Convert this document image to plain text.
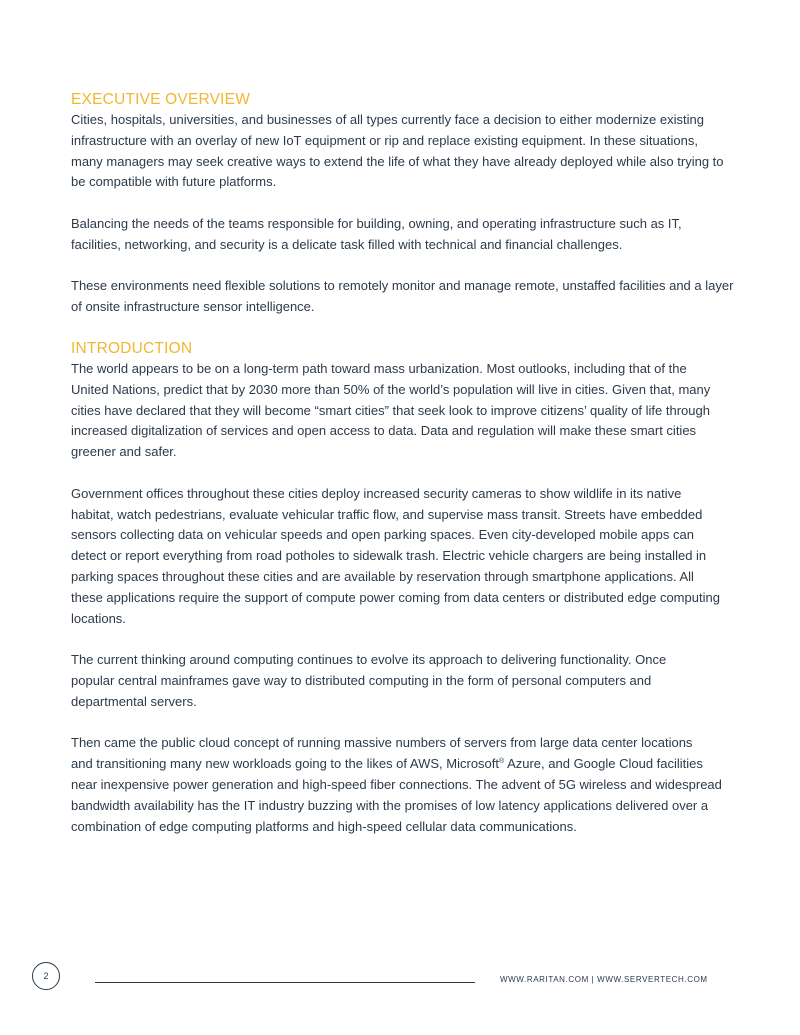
EXECUTIVE OVERVIEW
Cities, hospitals, universities, and businesses of all types currently face a decision to either modernize existing
infrastructure with an overlay of new IoT equipment or rip and replace existing equipment. In these situations,
many managers may seek creative ways to extend the life of what they have already deployed while also trying to
be compatible with future platforms.
Balancing the needs of the teams responsible for building, owning, and operating infrastructure such as IT,
facilities, networking, and security is a delicate task filled with technical and financial challenges.
These environments need flexible solutions to remotely monitor and manage remote, unstaffed facilities and a layer
of onsite infrastructure sensor intelligence.
INTRODUCTION
The world appears to be on a long-term path toward mass urbanization. Most outlooks, including that of the
United Nations, predict that by 2030 more than 50% of the world’s population will live in cities. Given that, many
cities have declared that they will become “smart cities” that seek look to improve citizens’ quality of life through
increased digitalization of services and open access to data. Data and regulation will make these smart cities
greener and safer.
Government offices throughout these cities deploy increased security cameras to show wildlife in its native
habitat, watch pedestrians, evaluate vehicular traffic flow, and supervise mass transit. Streets have embedded
sensors collecting data on vehicular speeds and open parking spaces. Even city-developed mobile apps can
detect or report everything from road potholes to sidewalk trash. Electric vehicle chargers are being installed in
parking spaces throughout these cities and are available by reservation through smartphone applications. All
these applications require the support of compute power coming from data centers or distributed edge computing
locations.
The current thinking around computing continues to evolve its approach to delivering functionality. Once
popular central mainframes gave way to distributed computing in the form of personal computers and
departmental servers.
Then came the public cloud concept of running massive numbers of servers from large data center locations
and transitioning many new workloads going to the likes of AWS, Microsoft® Azure, and Google Cloud facilities
near inexpensive power generation and high-speed fiber connections. The advent of 5G wireless and widespread
bandwidth availability has the IT industry buzzing with the promises of low latency applications delivered over a
combination of edge computing platforms and high-speed cellular data communications.
2	WWW.RARITAN.COM | WWW.SERVERTECH.COM
